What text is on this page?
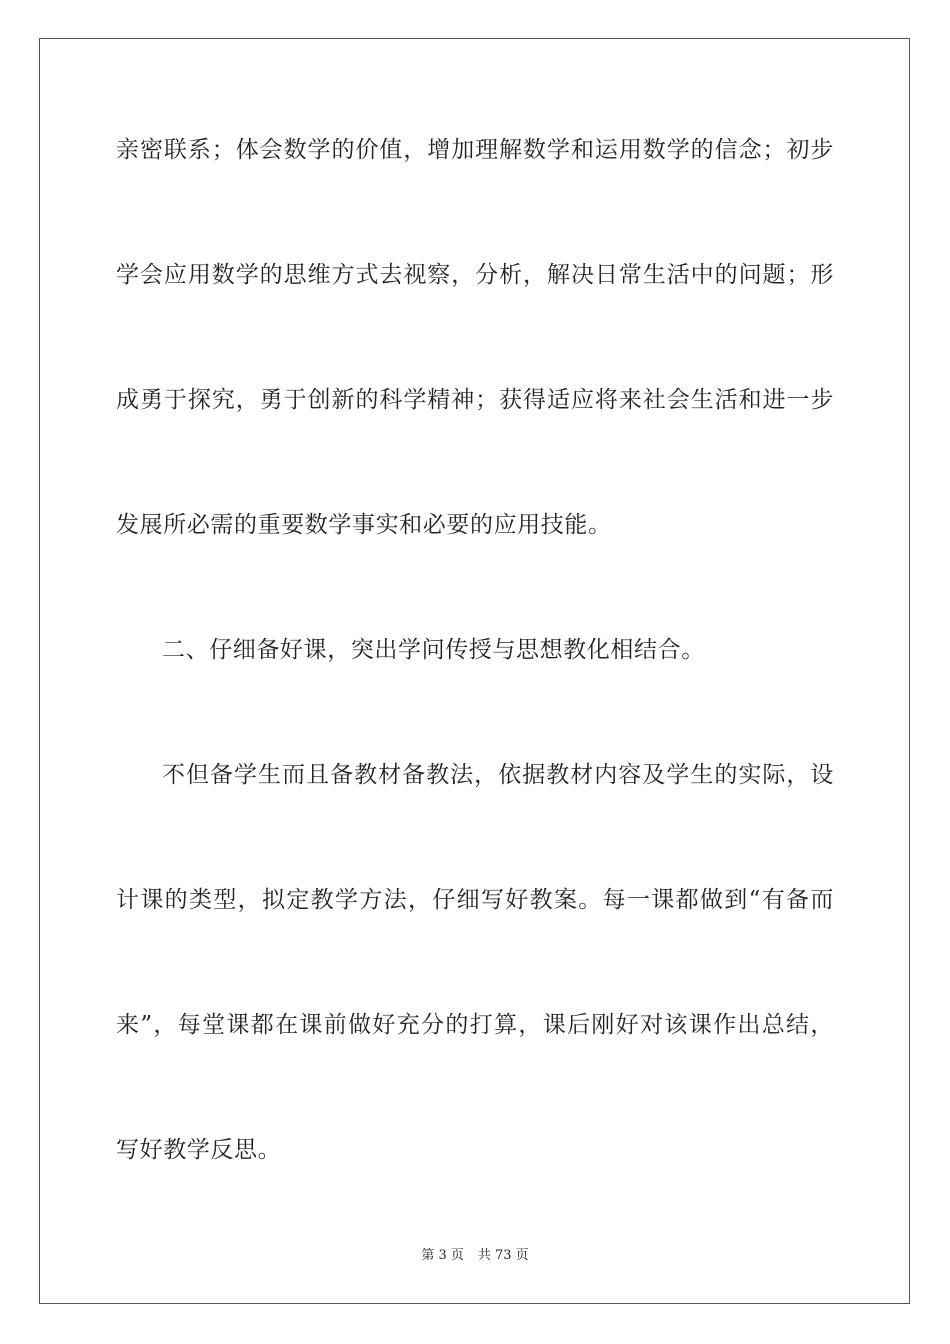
亲密联系；体会数学的价值，增加理解数学和运用数学的信念；初步
学会应用数学的思维方式去视察，分析，解决日常生活中的问题；形
成勇于探究，勇于创新的科学精神；获得适应将来社会生活和进一步
发展所必需的重要数学事实和必要的应用技能。
二、仔细备好课，突出学问传授与思想教化相结合。
不但备学生而且备教材备教法，依据教材内容及学生的实际，设
计课的类型，拟定教学方法，仔细写好教案。每一课都做到“有备而
来”，每堂课都在课前做好充分的打算，课后刚好对该课作出总结，
写好教学反思。
第 3 页 共 73 页
